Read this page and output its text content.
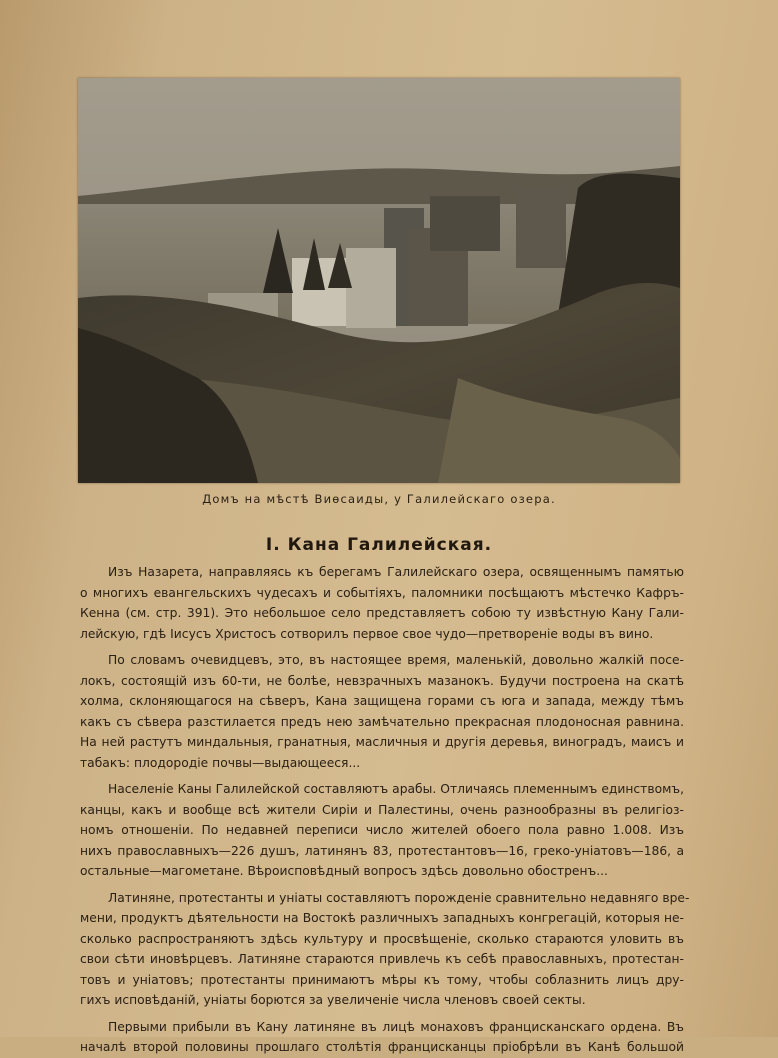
Домъ на мѣстѣ Виѳсаиды, у Галилейскаго озера.
I. Кана Галилейская.
Изъ Назарета, направляясь къ берегамъ Галилейскаго озера, освященнымъ памятью
о многихъ евангельскихъ чудесахъ и событіяхъ, паломники посѣщаютъ мѣстечко Кафръ-
Кенна (см. стр. 391). Это небольшое село представляетъ собою ту извѣстную Кану Гали-
лейскую, гдѣ Іисусъ Христосъ сотворилъ первое свое чудо—претвореніе воды въ вино.
По словамъ очевидцевъ, это, въ настоящее время, маленькій, довольно жалкій посе-
локъ, состоящій изъ 60-ти, не болѣе, невзрачныхъ мазанокъ. Будучи построена на скатѣ
холма, склоняющагося на сѣверъ, Кана защищена горами съ юга и запада, между тѣмъ
какъ съ сѣвера разстилается предъ нею замѣчательно прекрасная плодоносная равнина.
На ней растутъ миндальныя, гранатныя, масличныя и другія деревья, виноградъ, маисъ и
табакъ: плодородіе почвы—выдающееся...
Населеніе Каны Галилейской составляютъ арабы. Отличаясь племеннымъ единствомъ,
канцы, какъ и вообще всѣ жители Сиріи и Палестины, очень разнообразны въ религіоз-
номъ отношеніи. По недавней переписи число жителей обоего пола равно 1.008. Изъ
нихъ православныхъ—226 душъ, латинянъ 83, протестантовъ—16, греко-уніатовъ—186, а
остальные—магометане. Вѣроисповѣдный вопросъ здѣсь довольно обостренъ...
Латиняне, протестанты и уніаты составляютъ порожденіе сравнительно недавняго вре-
мени, продуктъ дѣятельности на Востокѣ различныхъ западныхъ конгрегацій, которыя не-
сколько распространяютъ здѣсь культуру и просвѣщеніе, сколько стараются уловить въ
свои сѣти иновѣрцевъ. Латиняне стараются привлечь къ себѣ православныхъ, протестан-
товъ и уніатовъ; протестанты принимаютъ мѣры къ тому, чтобы соблазнить лицъ дру-
гихъ исповѣданій, уніаты борются за увеличеніе числа членовъ своей секты.
Первыми прибыли въ Кану латиняне въ лицѣ монаховъ францисканскаго ордена. Въ
началѣ второй половины прошлаго столѣтія францисканцы пріобрѣли въ Канѣ большой
